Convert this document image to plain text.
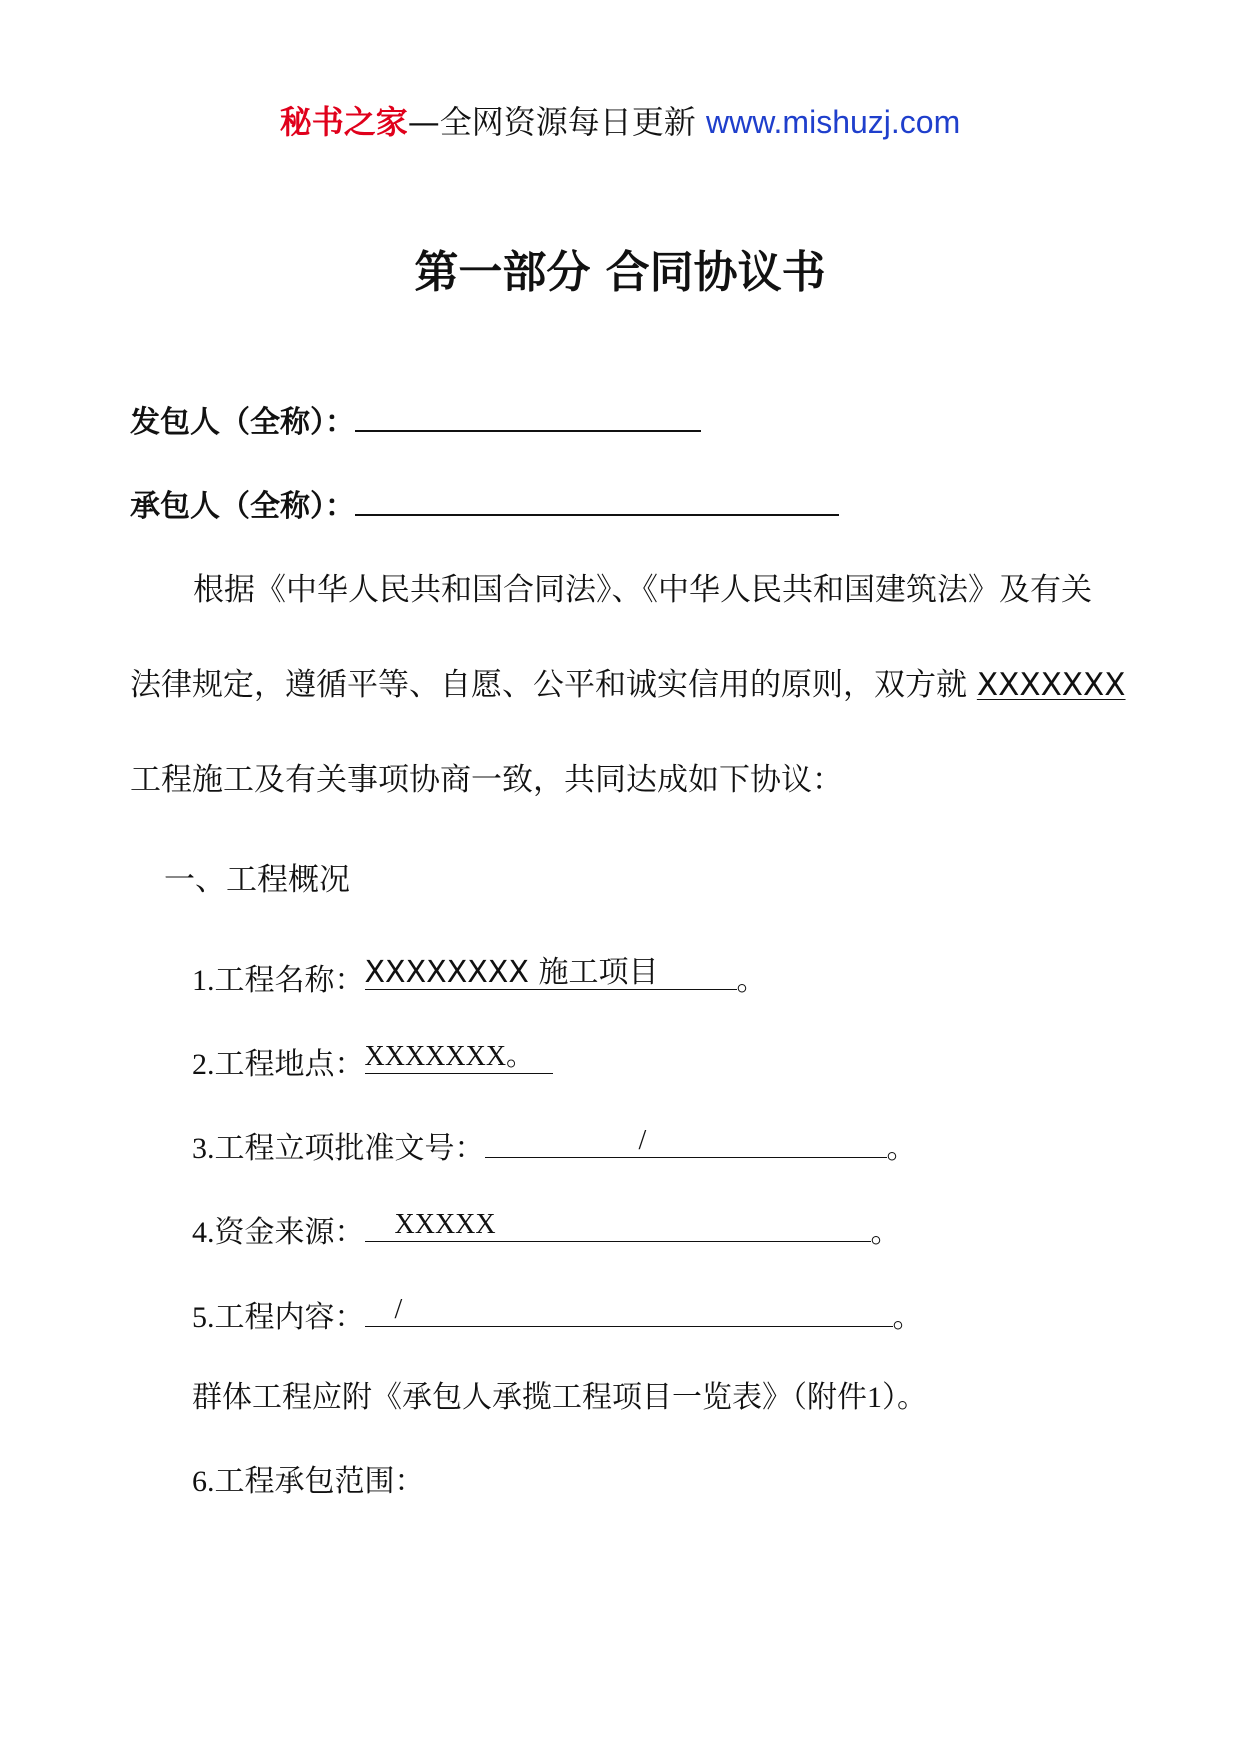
秘书之家—全网资源每日更新 www.mishuzj.com
第一部分 合同协议书
发包人（全称）：
承包人（全称）：
根据《中华人民共和国合同法》、《中华人民共和国建筑法》及有关
法律规定，遵循平等、自愿、公平和诚实信用的原则，双方就 XXXXXXX
工程施工及有关事项协商一致，共同达成如下协议：
一、工程概况
1.工程名称： XXXXXXXX 施工项目	。
2.工程地点： XXXXXXX。
3.工程立项批准文号：	/	。
4.资金来源： XXXXX	。
5.工程内容： /	。
群体工程应附《承包人承揽工程项目一览表》（附件1）。
6.工程承包范围：
